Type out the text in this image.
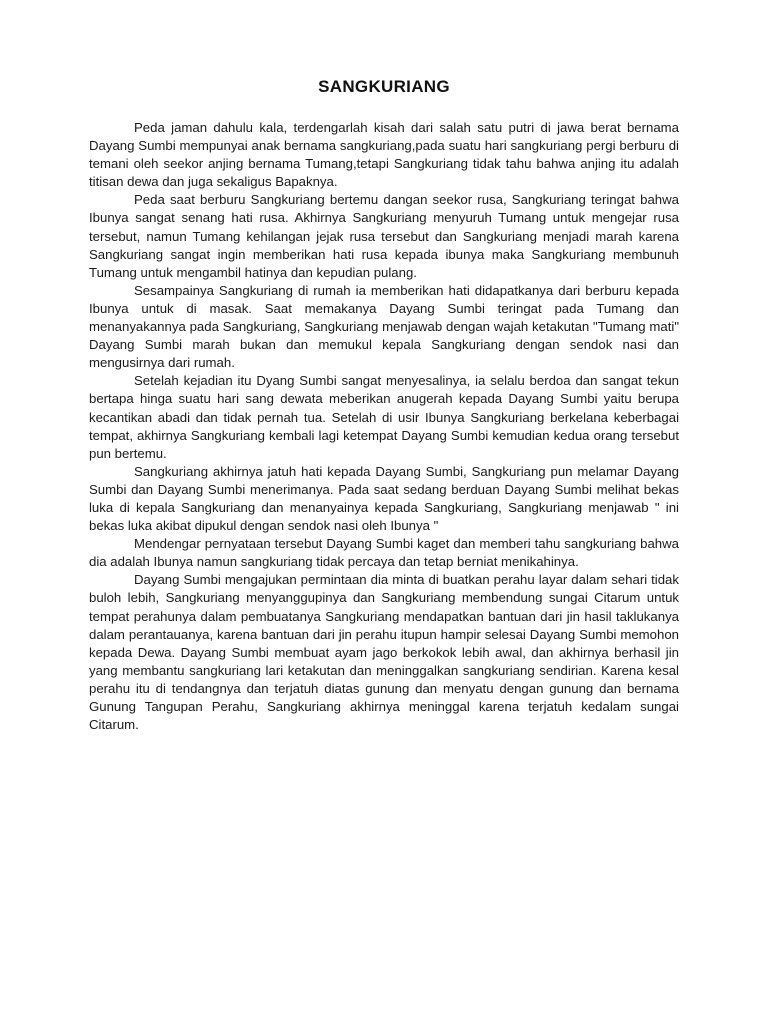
SANGKURIANG

Peda jaman dahulu kala, terdengarlah kisah dari salah satu putri di jawa berat bernama Dayang Sumbi mempunyai anak bernama sangkuriang,pada suatu hari sangkuriang pergi berburu di temani oleh seekor anjing bernama Tumang,tetapi Sangkuriang tidak tahu bahwa anjing itu adalah titisan dewa dan juga sekaligus Bapaknya.

Peda saat berburu Sangkuriang bertemu dangan seekor rusa, Sangkuriang teringat bahwa Ibunya sangat senang hati rusa. Akhirnya Sangkuriang menyuruh Tumang untuk mengejar rusa tersebut, namun Tumang kehilangan jejak rusa tersebut dan Sangkuriang menjadi marah karena Sangkuriang sangat ingin memberikan hati rusa kepada ibunya maka Sangkuriang membunuh Tumang untuk mengambil hatinya dan kepudian pulang.

Sesampainya Sangkuriang di rumah ia memberikan hati didapatkanya dari berburu kepada Ibunya untuk di masak. Saat memakanya Dayang Sumbi teringat pada Tumang dan menanyakannya pada Sangkuriang, Sangkuriang menjawab dengan wajah ketakutan "Tumang mati" Dayang Sumbi marah bukan dan memukul kepala Sangkuriang dengan sendok nasi dan mengusirnya dari rumah.

Setelah kejadian itu Dyang Sumbi sangat menyesalinya, ia selalu berdoa dan sangat tekun bertapa hinga suatu hari sang dewata meberikan anugerah kepada Dayang Sumbi yaitu berupa kecantikan abadi dan tidak pernah tua. Setelah di usir Ibunya Sangkuriang berkelana keberbagai tempat, akhirnya Sangkuriang kembali lagi ketempat Dayang Sumbi kemudian kedua orang tersebut pun bertemu.

Sangkuriang akhirnya jatuh hati kepada Dayang Sumbi, Sangkuriang pun melamar Dayang Sumbi dan Dayang Sumbi menerimanya. Pada saat sedang berduan Dayang Sumbi melihat bekas luka di kepala Sangkuriang dan menanyainya kepada Sangkuriang, Sangkuriang menjawab " ini bekas luka akibat dipukul dengan sendok nasi oleh Ibunya "

Mendengar pernyataan tersebut Dayang Sumbi kaget dan memberi tahu sangkuriang bahwa dia adalah Ibunya namun sangkuriang tidak percaya dan tetap berniat menikahinya.

Dayang Sumbi mengajukan permintaan dia minta di buatkan perahu layar dalam sehari tidak buloh lebih, Sangkuriang menyanggupinya dan Sangkuriang membendung sungai Citarum untuk tempat perahunya dalam pembuatanya Sangkuriang mendapatkan bantuan dari jin hasil taklukanya dalam perantauanya, karena bantuan dari jin perahu itupun hampir selesai Dayang Sumbi memohon kepada Dewa. Dayang Sumbi membuat ayam jago berkokok lebih awal, dan akhirnya berhasil jin yang membantu sangkuriang lari ketakutan dan meninggalkan sangkuriang sendirian. Karena kesal perahu itu di tendangnya dan terjatuh diatas gunung dan menyatu dengan gunung dan bernama Gunung Tangupan Perahu, Sangkuriang akhirnya meninggal karena terjatuh kedalam sungai Citarum.
